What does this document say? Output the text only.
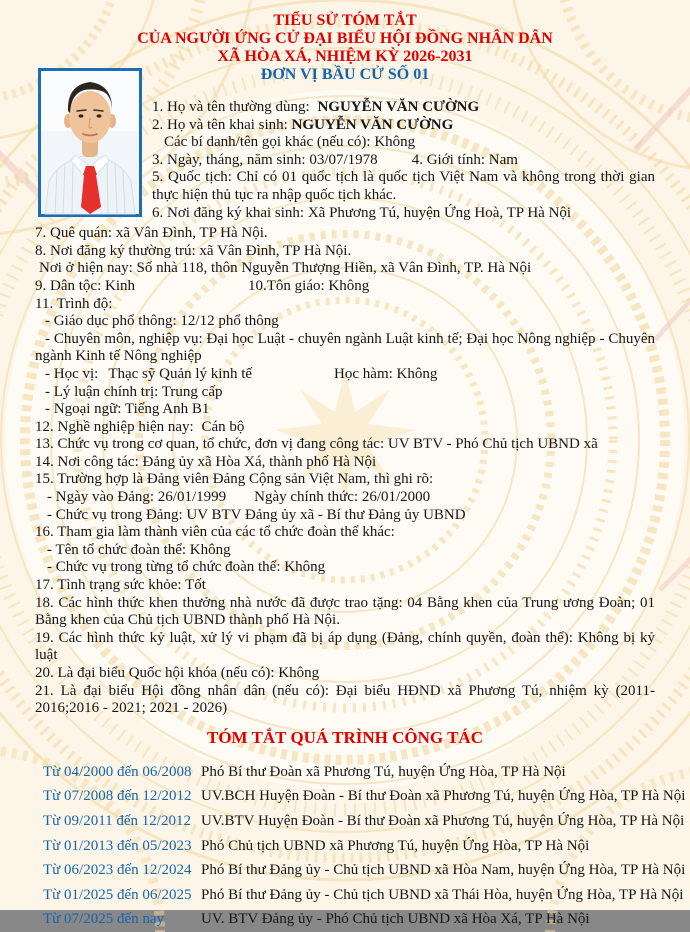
TIỂU SỬ TÓM TẮT
CỦA NGƯỜI ỨNG CỬ ĐẠI BIỂU HỘI ĐỒNG NHÂN DÂN
XÃ HÒA XÁ, NHIỆM KỲ 2026-2031
ĐƠN VỊ BẦU CỬ SỐ 01

1. Họ và tên thường dùng: NGUYỄN VĂN CƯỜNG

2. Họ và tên khai sinh: NGUYỄN VĂN CƯỜNG

Các bí danh/tên gọi khác (nếu có): Không

3. Ngày, tháng, năm sinh: 03/07/1978 4. Giới tính: Nam

5. Quốc tịch: Chỉ có 01 quốc tịch là quốc tịch Việt Nam và không trong thời gian thực hiện thủ tục ra nhập quốc tịch khác.

6. Nơi đăng ký khai sinh: Xã Phương Tú, huyện Ứng Hoà, TP Hà Nội

7. Quê quán: xã Vân Đình, TP Hà Nội.

8. Nơi đăng ký thường trú: xã Vân Đình, TP Hà Nội.

Nơi ở hiện nay: Số nhà 118, thôn Nguyễn Thượng Hiền, xã Vân Đình, TP. Hà Nội

9. Dân tộc: Kinh	10.Tôn giáo: Không

11. Trình độ:

- Giáo dục phổ thông: 12/12 phổ thông

- Chuyên môn, nghiệp vụ: Đại học Luật - chuyên ngành Luật kinh tế; Đại học Nông nghiệp - Chuyên ngành Kinh tế Nông nghiệp

- Học vị: Thạc sỹ Quản lý kinh tế	Học hàm: Không

- Lý luận chính trị: Trung cấp

- Ngoại ngữ: Tiếng Anh B1

12. Nghề nghiệp hiện nay: Cán bộ

13. Chức vụ trong cơ quan, tổ chức, đơn vị đang công tác: UV BTV - Phó Chủ tịch UBND xã

14. Nơi công tác: Đảng ủy xã Hòa Xá, thành phố Hà Nội

15. Trường hợp là Đảng viên Đảng Cộng sản Việt Nam, thì ghi rõ:

- Ngày vào Đảng: 26/01/1999 Ngày chính thức: 26/01/2000

- Chức vụ trong Đảng: UV BTV Đảng ủy xã - Bí thư Đảng ủy UBND

16. Tham gia làm thành viên của các tổ chức đoàn thể khác:

- Tên tổ chức đoàn thể: Không

- Chức vụ trong từng tổ chức đoàn thể: Không

17. Tình trạng sức khỏe: Tốt

18. Các hình thức khen thưởng nhà nước đã được trao tặng: 04 Bằng khen của Trung ương Đoàn; 01 Bằng khen của Chủ tịch UBND thành phố Hà Nội.

19. Các hình thức kỷ luật, xử lý vi phạm đã bị áp dụng (Đảng, chính quyền, đoàn thể): Không bị kỷ luật

20. Là đại biểu Quốc hội khóa (nếu có): Không

21. Là đại biểu Hội đồng nhân dân (nếu có): Đại biểu HĐND xã Phương Tú, nhiệm kỳ (2011-2016;2016 - 2021; 2021 - 2026)

TÓM TẮT QUÁ TRÌNH CÔNG TÁC
Từ 04/2000 đến 06/2008 Phó Bí thư Đoàn xã Phương Tú, huyện Ứng Hòa, TP Hà Nội
Từ 07/2008 đến 12/2012 UV.BCH Huyện Đoàn - Bí thư Đoàn xã Phương Tú, huyện Ứng Hòa, TP Hà Nội
Từ 09/2011 đến 12/2012 UV.BTV Huyện Đoàn - Bí thư Đoàn xã Phương Tú, huyện Ứng Hòa, TP Hà Nội
Từ 01/2013 đến 05/2023 Phó Chủ tịch UBND xã Phương Tú, huyện Ứng Hòa, TP Hà Nội
Từ 06/2023 đến 12/2024 Phó Bí thư Đảng ủy - Chủ tịch UBND xã Hòa Nam, huyện Ứng Hòa, TP Hà Nội
Từ 01/2025 đến 06/2025 Phó Bí thư Đảng ủy - Chủ tịch UBND xã Thái Hòa, huyện Ứng Hòa, TP Hà Nội
Từ 07/2025 đến nay	UV. BTV Đảng ủy - Phó Chủ tịch UBND xã Hòa Xá, TP Hà Nội
